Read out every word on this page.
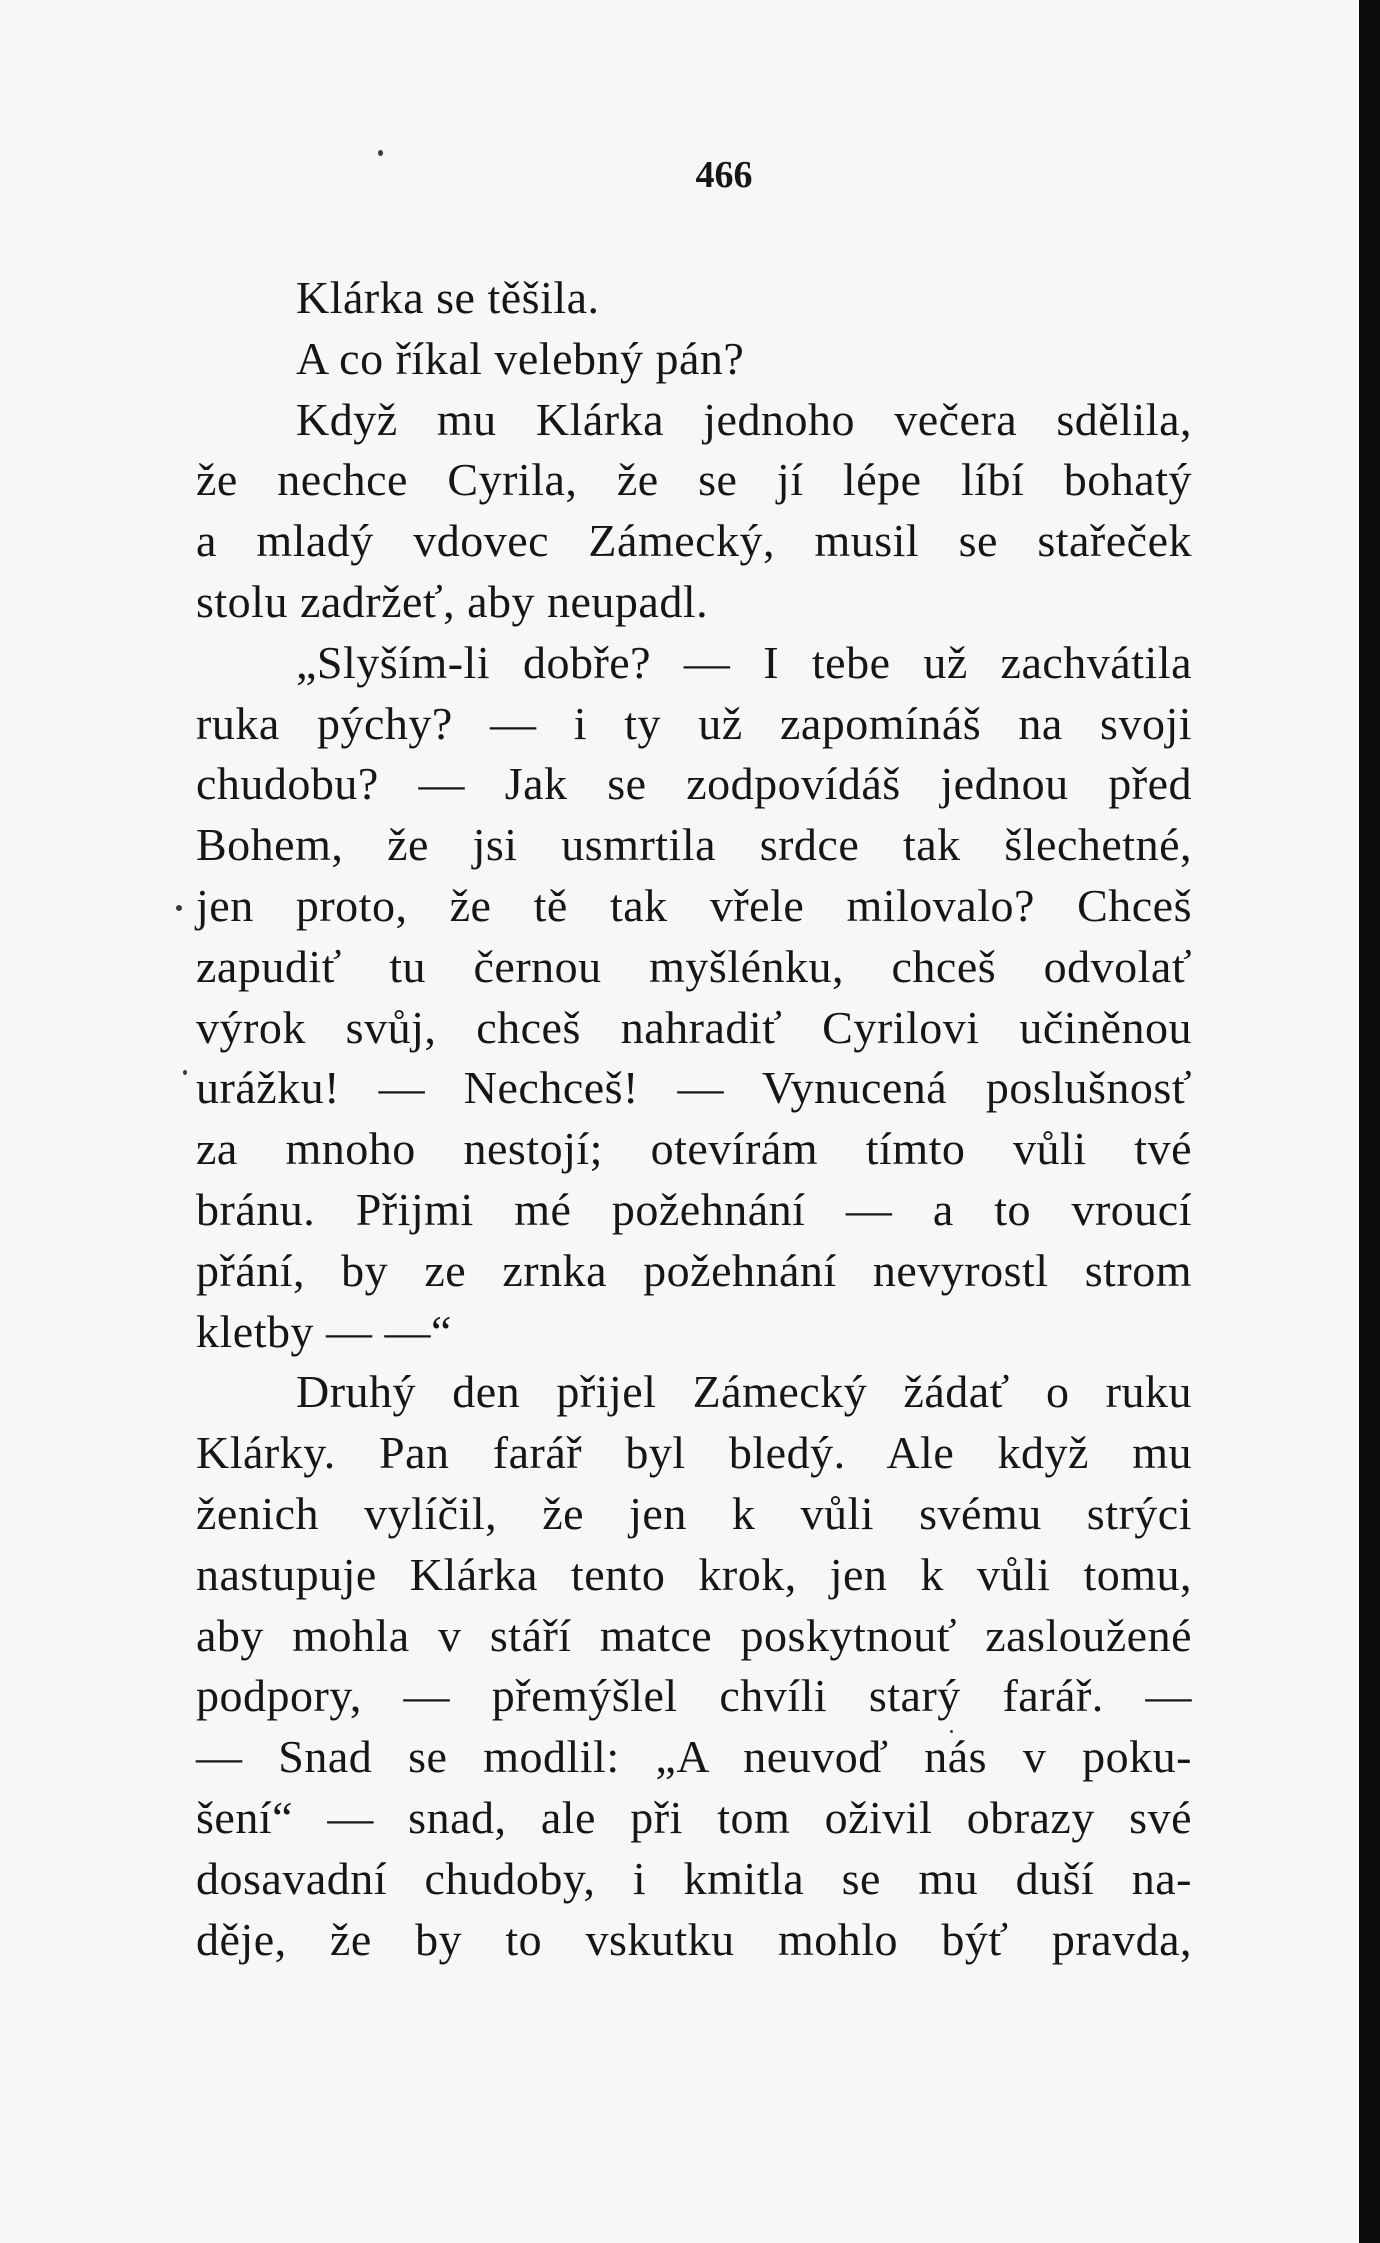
466
Klárka se těšila.
A co říkal velebný pán?
Když mu Klárka jednoho večera sdělila,
že nechce Cyrila, že se jí lépe líbí bohatý
a mladý vdovec Zámecký, musil se stařeček
stolu zadržeť, aby neupadl.
„Slyším-li dobře? — I tebe už zachvátila
ruka pýchy? — i ty už zapomínáš na svoji
chudobu? — Jak se zodpovídáš jednou před
Bohem, že jsi usmrtila srdce tak šlechetné,
jen proto, že tě tak vřele milovalo? Chceš
zapudiť tu černou myšlénku, chceš odvolať
výrok svůj, chceš nahradiť Cyrilovi učiněnou
urážku! — Nechceš! — Vynucená poslušnosť
za mnoho nestojí; otevírám tímto vůli tvé
bránu. Přijmi mé požehnání — a to vroucí
přání, by ze zrnka požehnání nevyrostl strom
kletby — —“
Druhý den přijel Zámecký žádať o ruku
Klárky. Pan farář byl bledý. Ale když mu
ženich vylíčil, že jen k vůli svému strýci
nastupuje Klárka tento krok, jen k vůli tomu,
aby mohla v stáří matce poskytnouť zasloužené
podpory, — přemýšlel chvíli starý farář. —
— Snad se modlil: „A neuvoď nás v poku-
šení“ — snad, ale při tom oživil obrazy své
dosavadní chudoby, i kmitla se mu duší na-
děje, že by to vskutku mohlo býť pravda,
